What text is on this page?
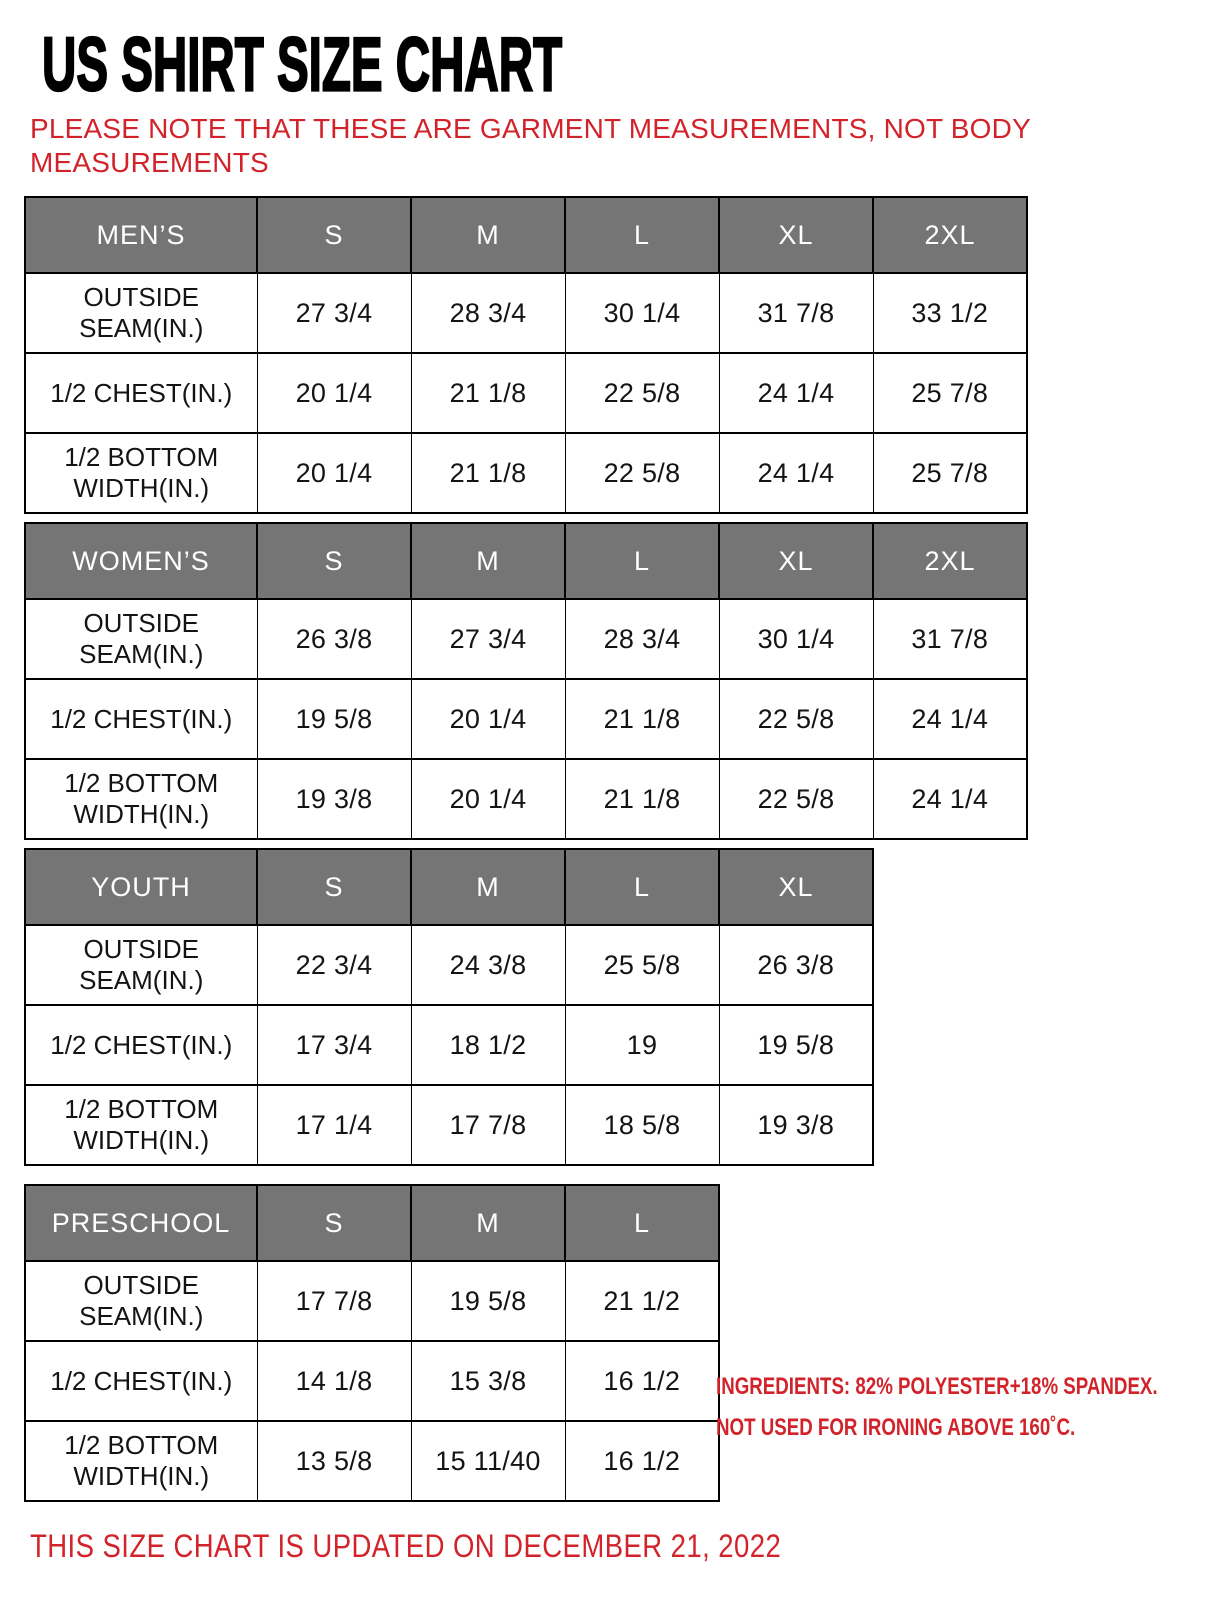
US SHIRT SIZE CHART
PLEASE NOTE THAT THESE ARE GARMENT MEASUREMENTS, NOT BODY MEASUREMENTS
MEN’S	S	M	L	XL	2XL
OUTSIDE SEAM(IN.)	27 3/4	28 3/4	30 1/4	31 7/8	33 1/2
1/2 CHEST(IN.)	20 1/4	21 1/8	22 5/8	24 1/4	25 7/8
1/2 BOTTOM WIDTH(IN.)	20 1/4	21 1/8	22 5/8	24 1/4	25 7/8
WOMEN’S	S	M	L	XL	2XL
OUTSIDE SEAM(IN.)	26 3/8	27 3/4	28 3/4	30 1/4	31 7/8
1/2 CHEST(IN.)	19 5/8	20 1/4	21 1/8	22 5/8	24 1/4
1/2 BOTTOM WIDTH(IN.)	19 3/8	20 1/4	21 1/8	22 5/8	24 1/4
YOUTH	S	M	L	XL
OUTSIDE SEAM(IN.)	22 3/4	24 3/8	25 5/8	26 3/8
1/2 CHEST(IN.)	17 3/4	18 1/2	19	19 5/8
1/2 BOTTOM WIDTH(IN.)	17 1/4	17 7/8	18 5/8	19 3/8
PRESCHOOL	S	M	L
OUTSIDE SEAM(IN.)	17 7/8	19 5/8	21 1/2
1/2 CHEST(IN.)	14 1/8	15 3/8	16 1/2
1/2 BOTTOM WIDTH(IN.)	13 5/8	15 11/40	16 1/2
INGREDIENTS: 82% POLYESTER+18% SPANDEX.
NOT USED FOR IRONING ABOVE 160˚C.
THIS SIZE CHART IS UPDATED ON DECEMBER 21, 2022
